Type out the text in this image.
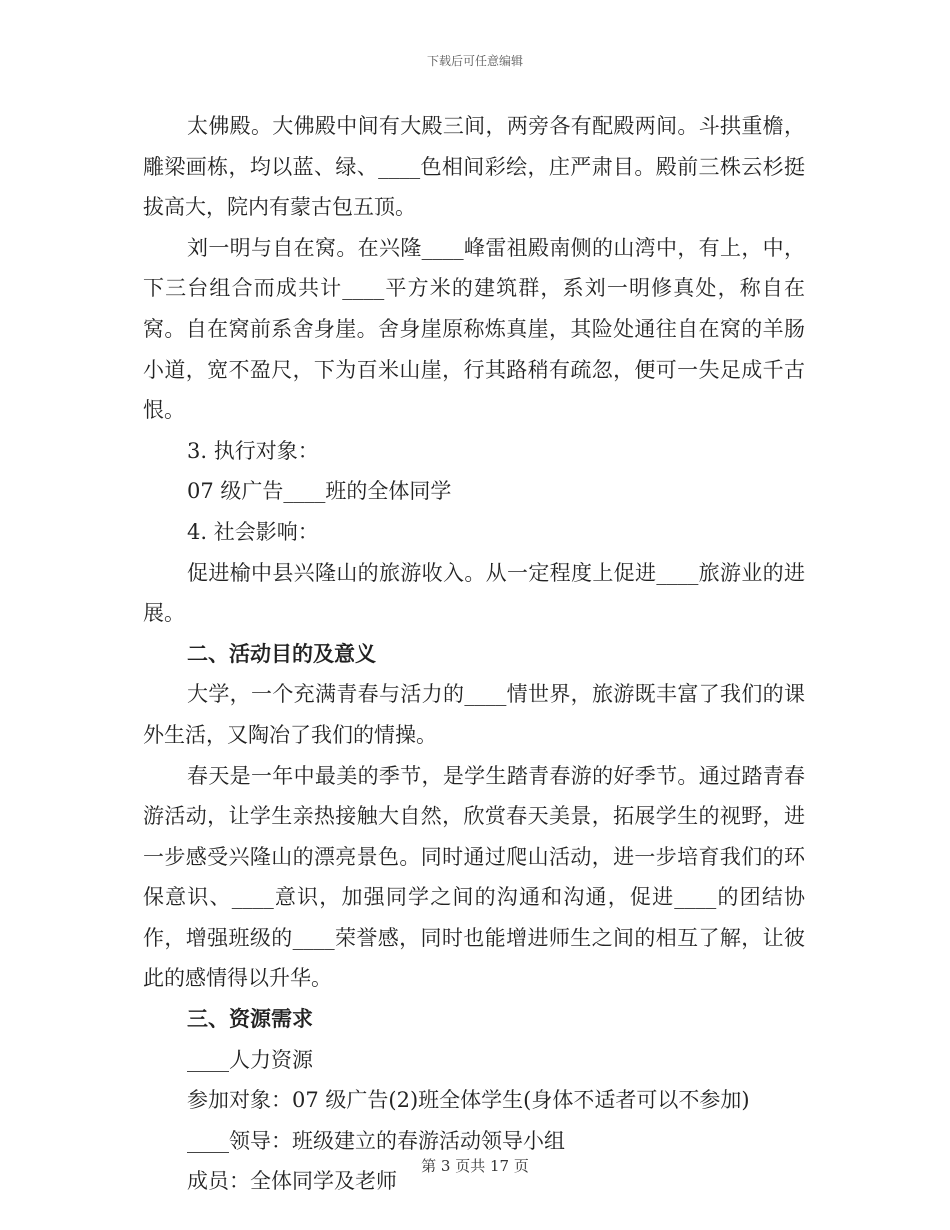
下载后可任意编辑

太佛殿。大佛殿中间有大殿三间，两旁各有配殿两间。斗拱重檐，雕梁画栋，均以蓝、绿、____色相间彩绘，庄严肃目。殿前三株云杉挺拔高大，院内有蒙古包五顶。

刘一明与自在窝。在兴隆____峰雷祖殿南侧的山湾中，有上，中，下三台组合而成共计____平方米的建筑群，系刘一明修真处，称自在窝。自在窝前系舍身崖。舍身崖原称炼真崖，其险处通往自在窝的羊肠小道，宽不盈尺，下为百米山崖，行其路稍有疏忽，便可一失足成千古恨。

3. 执行对象：

07 级广告____班的全体同学

4. 社会影响：

促进榆中县兴隆山的旅游收入。从一定程度上促进____旅游业的进展。

二、活动目的及意义

大学，一个充满青春与活力的____情世界，旅游既丰富了我们的课外生活，又陶冶了我们的情操。

春天是一年中最美的季节，是学生踏青春游的好季节。通过踏青春游活动，让学生亲热接触大自然，欣赏春天美景，拓展学生的视野，进一步感受兴隆山的漂亮景色。同时通过爬山活动，进一步培育我们的环保意识、____意识，加强同学之间的沟通和沟通，促进____的团结协作，增强班级的____荣誉感，同时也能增进师生之间的相互了解，让彼此的感情得以升华。

三、资源需求

____人力资源

参加对象：07 级广告(2)班全体学生(身体不适者可以不参加)

____领导：班级建立的春游活动领导小组

成员：全体同学及老师

第 3 页共 17 页
